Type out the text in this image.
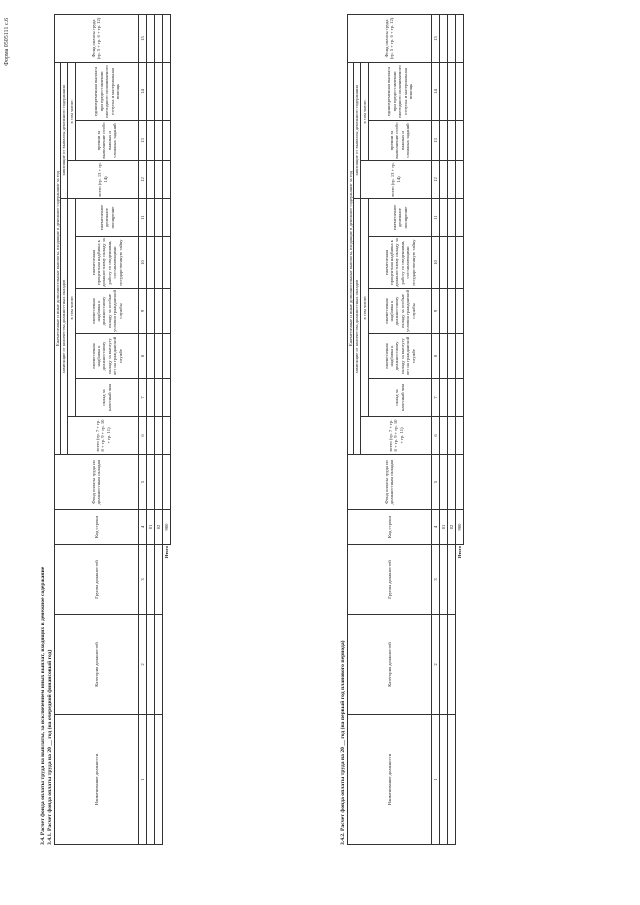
Форма 0505111 с.6
3.4. Расчет фонда оплаты труда на выплаты, за исключением иных выплат, входящих в денежное содержание 3.4.1. Расчет фонда оплаты труда на 20 __ год (на очередной финансовый год)	Наименование должности	Категория должностей	Группа должностей	Код строки	Фонд оплаты труда по должностным окладам	Ежемесячные и иные дополнительные выплаты, входящие в денежное содержание за год									Фонд оплаты труда (гр. 5 + гр. 6 + гр. 12)
					зависящие от количества должностных окладов						зависящие от выплаты денежного содержания			
					всего (гр. 7 + гр. 8 + гр. 9 + гр. 10 + гр. 11)	в том числе:					всего (гр. 13 + гр. 14)	в том числе:		
						оклад за классный чин	ежемесячная надбавка к должностному окладу за выслугу лет на гражданской службе	ежемесячная надбавка к должностному окладу за особые условия гражданской службы	ежемесячная процентная надбавка к должностному окладу за работу со сведениями, составляющими государственную тайну	ежемесячное денежное поощрение		премии за выполнение особо важных и сложных заданий	единовременная выплата при предоставлении ежегодного оплачиваемого отпуска и материальная помощь	
1	2	3	4	5	6	7	8	9	10	11	12	13	14	15
			01											
			02											
Итого			900											
3.4.2. Расчет фонда оплаты труда на 20 __ год (на первый год планового периода)	Наименование должности	Категория должностей	Группа должностей	Код строки	Фонд оплаты труда по должностным окладам	Ежемесячные и иные дополнительные выплаты, входящие в денежное содержание за год									Фонд оплаты труда (гр. 5 + гр. 6 + гр. 12)
					зависящие от количества должностных окладов						зависящие от выплаты денежного содержания			
					всего (гр. 7 + гр. 8 + гр. 9 + гр. 10 + гр. 11)	в том числе:					всего (гр. 13 + гр. 14)	в том числе:		
						оклад за классный чин	ежемесячная надбавка к должностному окладу за выслугу лет на гражданской службе	ежемесячная надбавка к должностному окладу за особые условия гражданской службы	ежемесячная процентная надбавка к должностному окладу за работу со сведениями, составляющими государственную тайну	ежемесячное денежное поощрение		премии за выполнение особо важных и сложных заданий	единовременная выплата при предоставлении ежегодного оплачиваемого отпуска и материальная помощь	
1	2	3	4	5	6	7	8	9	10	11	12	13	14	15
			01											
			02											
Итого			900											
